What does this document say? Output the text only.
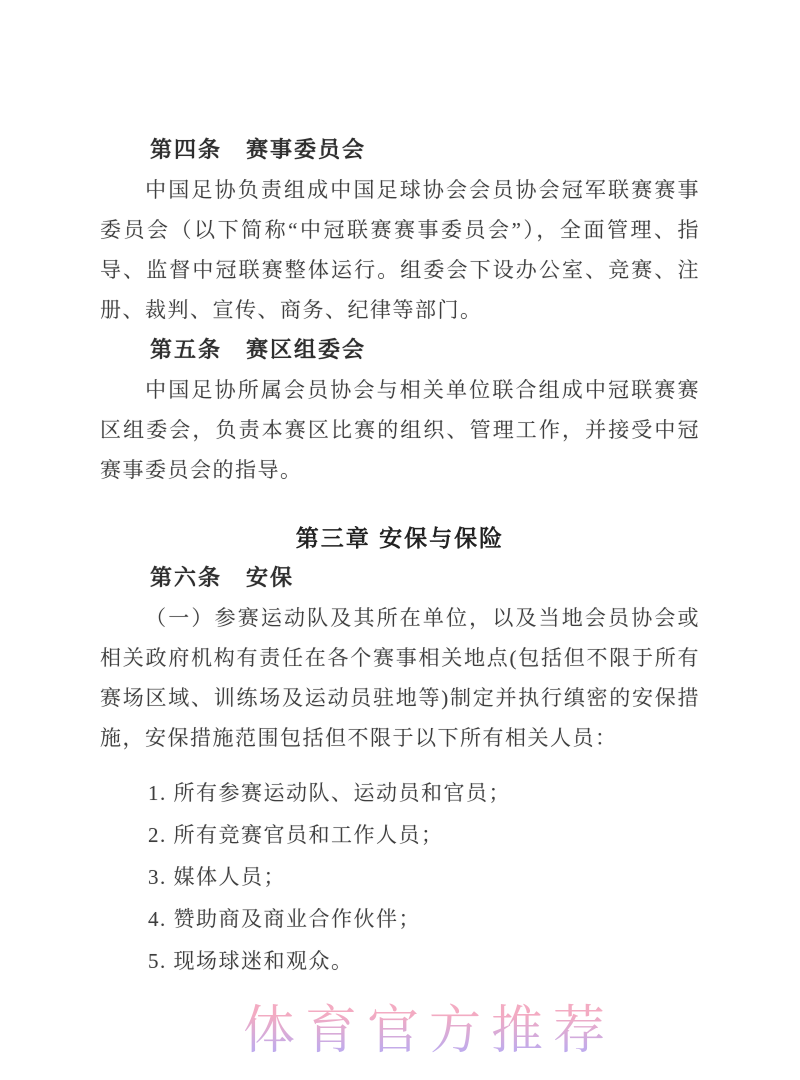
第四条　赛事委员会

中国足协负责组成中国足球协会会员协会冠军联赛赛事委员会（以下简称“中冠联赛赛事委员会”），全面管理、指导、监督中冠联赛整体运行。组委会下设办公室、竞赛、注册、裁判、宣传、商务、纪律等部门。

第五条　赛区组委会

中国足协所属会员协会与相关单位联合组成中冠联赛赛区组委会，负责本赛区比赛的组织、管理工作，并接受中冠赛事委员会的指导。

第三章 安保与保险
第六条　安保

（一）参赛运动队及其所在单位，以及当地会员协会或相关政府机构有责任在各个赛事相关地点(包括但不限于所有赛场区域、训练场及运动员驻地等)制定并执行缜密的安保措施，安保措施范围包括但不限于以下所有相关人员：

1. 所有参赛运动队、运动员和官员；

2. 所有竞赛官员和工作人员；

3. 媒体人员；

4. 赞助商及商业合作伙伴；

5. 现场球迷和观众。

体育官方推荐
